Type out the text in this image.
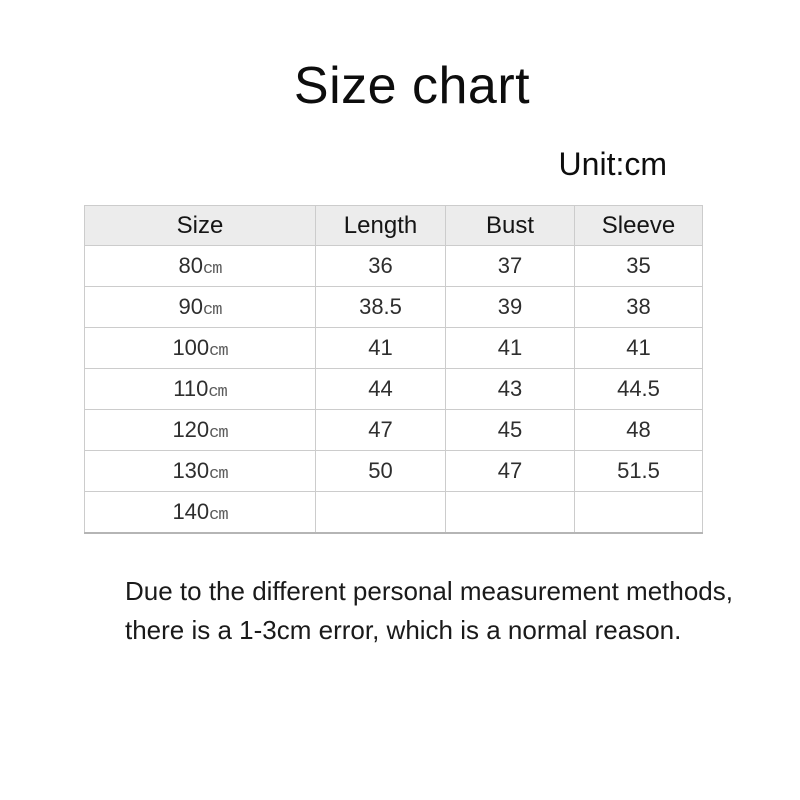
Size chart
Unit:cm
Size	Length	Bust	Sleeve
80cm	36	37	35
90cm	38.5	39	38
100cm	41	41	41
110cm	44	43	44.5
120cm	47	45	48
130cm	50	47	51.5
140cm			
Due to the different personal measurement methods,
there is a 1-3cm error, which is a normal reason.
